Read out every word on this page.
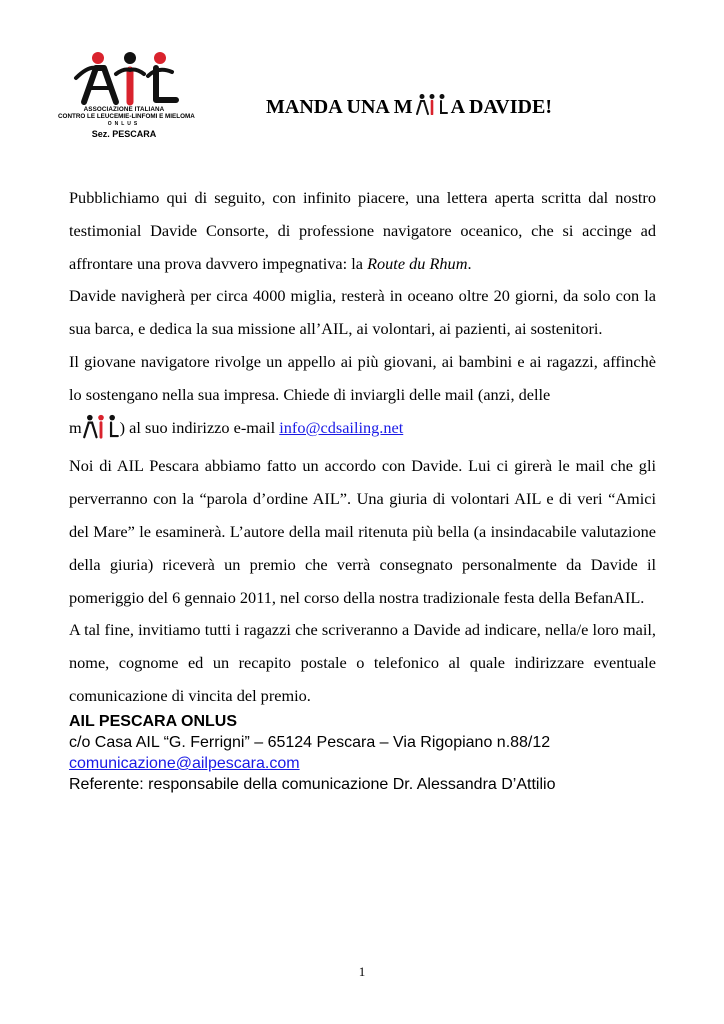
ASSOCIAZIONE ITALIANA
CONTRO LE LEUCEMIE-LINFOMI E MIELOMA
ONLUS
Sez. PESCARA
MANDA UNA M A DAVIDE!

Pubblichiamo qui di seguito, con infinito piacere, una lettera aperta scritta dal nostro testimonial Davide Consorte, di professione navigatore oceanico, che si accinge ad affrontare una prova davvero impegnativa: la Route du Rhum.

Davide navigherà per circa 4000 miglia, resterà in oceano oltre 20 giorni, da solo con la sua barca, e dedica la sua missione all’AIL, ai volontari, ai pazienti, ai sostenitori.

Il giovane navigatore rivolge un appello ai più giovani, ai bambini e ai ragazzi, affinchè lo sostengano nella sua impresa. Chiede di inviargli delle mail (anzi, delle
m ) al suo indirizzo e-mail info@cdsailing.net

Noi di AIL Pescara abbiamo fatto un accordo con Davide. Lui ci girerà le mail che gli perverranno con la “parola d’ordine AIL”. Una giuria di volontari AIL e di veri “Amici del Mare” le esaminerà. L’autore della mail ritenuta più bella (a insindacabile valutazione della giuria) riceverà un premio che verrà consegnato personalmente da Davide il pomeriggio del 6 gennaio 2011, nel corso della nostra tradizionale festa della BefanAIL.

A tal fine, invitiamo tutti i ragazzi che scriveranno a Davide ad indicare, nella/e loro mail, nome, cognome ed un recapito postale o telefonico al quale indirizzare eventuale comunicazione di vincita del premio.

AIL PESCARA ONLUS
c/o Casa AIL “G. Ferrigni” – 65124 Pescara – Via Rigopiano n.88/12
comunicazione@ailpescara.com
Referente: responsabile della comunicazione Dr. Alessandra D’Attilio
1
